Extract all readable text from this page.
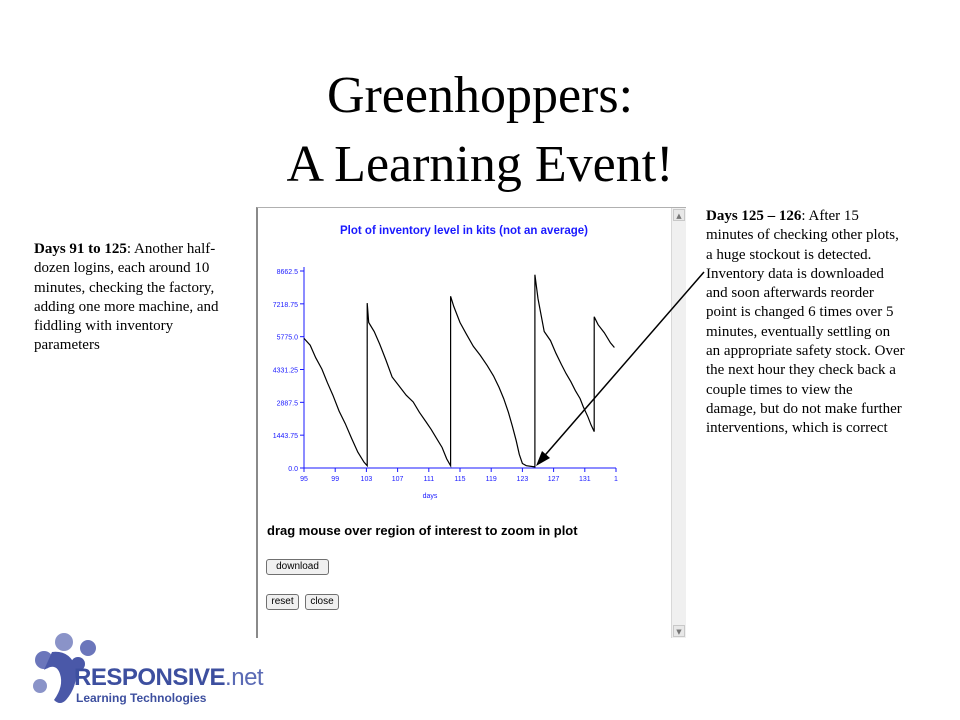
Greenhoppers:
A Learning Event!
Days 91 to 125: Another half-dozen logins, each around 10 minutes, checking the factory, adding one more machine, and fiddling with inventory parameters
Days 125 – 126: After 15 minutes of checking other plots, a huge stockout is detected. Inventory data is downloaded and soon afterwards reorder point is changed 6 times over 5 minutes, eventually settling on an appropriate safety stock. Over the next hour they check back a couple times to view the damage, but do not make further interventions, which is correct
Plot of inventory level in kits (not an average)
0.0
1443.75
2887.5
4331.25
5775.0
7218.75
8662.5
95	99	103	107	111	115	119	123	127	131	1
days
drag mouse over region of interest to zoom in plot
download
reset	close
▲
▼
RESPONSIVE.net
Learning Technologies
